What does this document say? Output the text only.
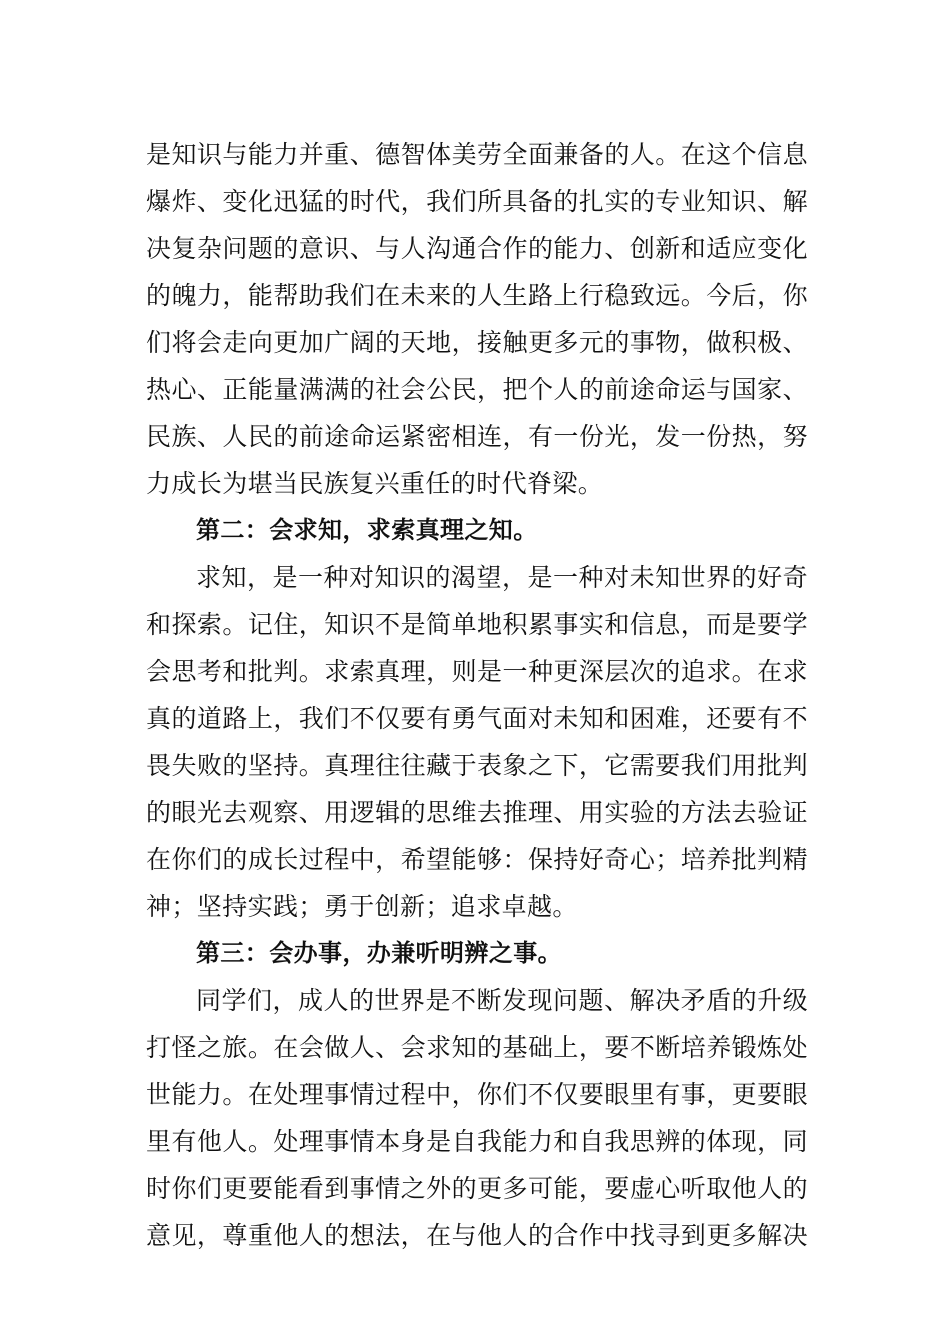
是知识与能力并重、德智体美劳全面兼备的人。在这个信息
爆炸、变化迅猛的时代，我们所具备的扎实的专业知识、解
决复杂问题的意识、与人沟通合作的能力、创新和适应变化
的魄力，能帮助我们在未来的人生路上行稳致远。今后，你
们将会走向更加广阔的天地，接触更多元的事物，做积极、
热心、正能量满满的社会公民，把个人的前途命运与国家、
民族、人民的前途命运紧密相连，有一份光，发一份热，努
力成长为堪当民族复兴重任的时代脊梁。
第二：会求知，求索真理之知。
求知，是一种对知识的渴望，是一种对未知世界的好奇
和探索。记住，知识不是简单地积累事实和信息，而是要学
会思考和批判。求索真理，则是一种更深层次的追求。在求
真的道路上，我们不仅要有勇气面对未知和困难，还要有不
畏失败的坚持。真理往往藏于表象之下，它需要我们用批判
的眼光去观察、用逻辑的思维去推理、用实验的方法去验证
在你们的成长过程中，希望能够：保持好奇心；培养批判精
神；坚持实践；勇于创新；追求卓越。
第三：会办事，办兼听明辨之事。
同学们，成人的世界是不断发现问题、解决矛盾的升级
打怪之旅。在会做人、会求知的基础上，要不断培养锻炼处
世能力。在处理事情过程中，你们不仅要眼里有事，更要眼
里有他人。处理事情本身是自我能力和自我思辨的体现，同
时你们更要能看到事情之外的更多可能，要虚心听取他人的
意见，尊重他人的想法，在与他人的合作中找寻到更多解决
